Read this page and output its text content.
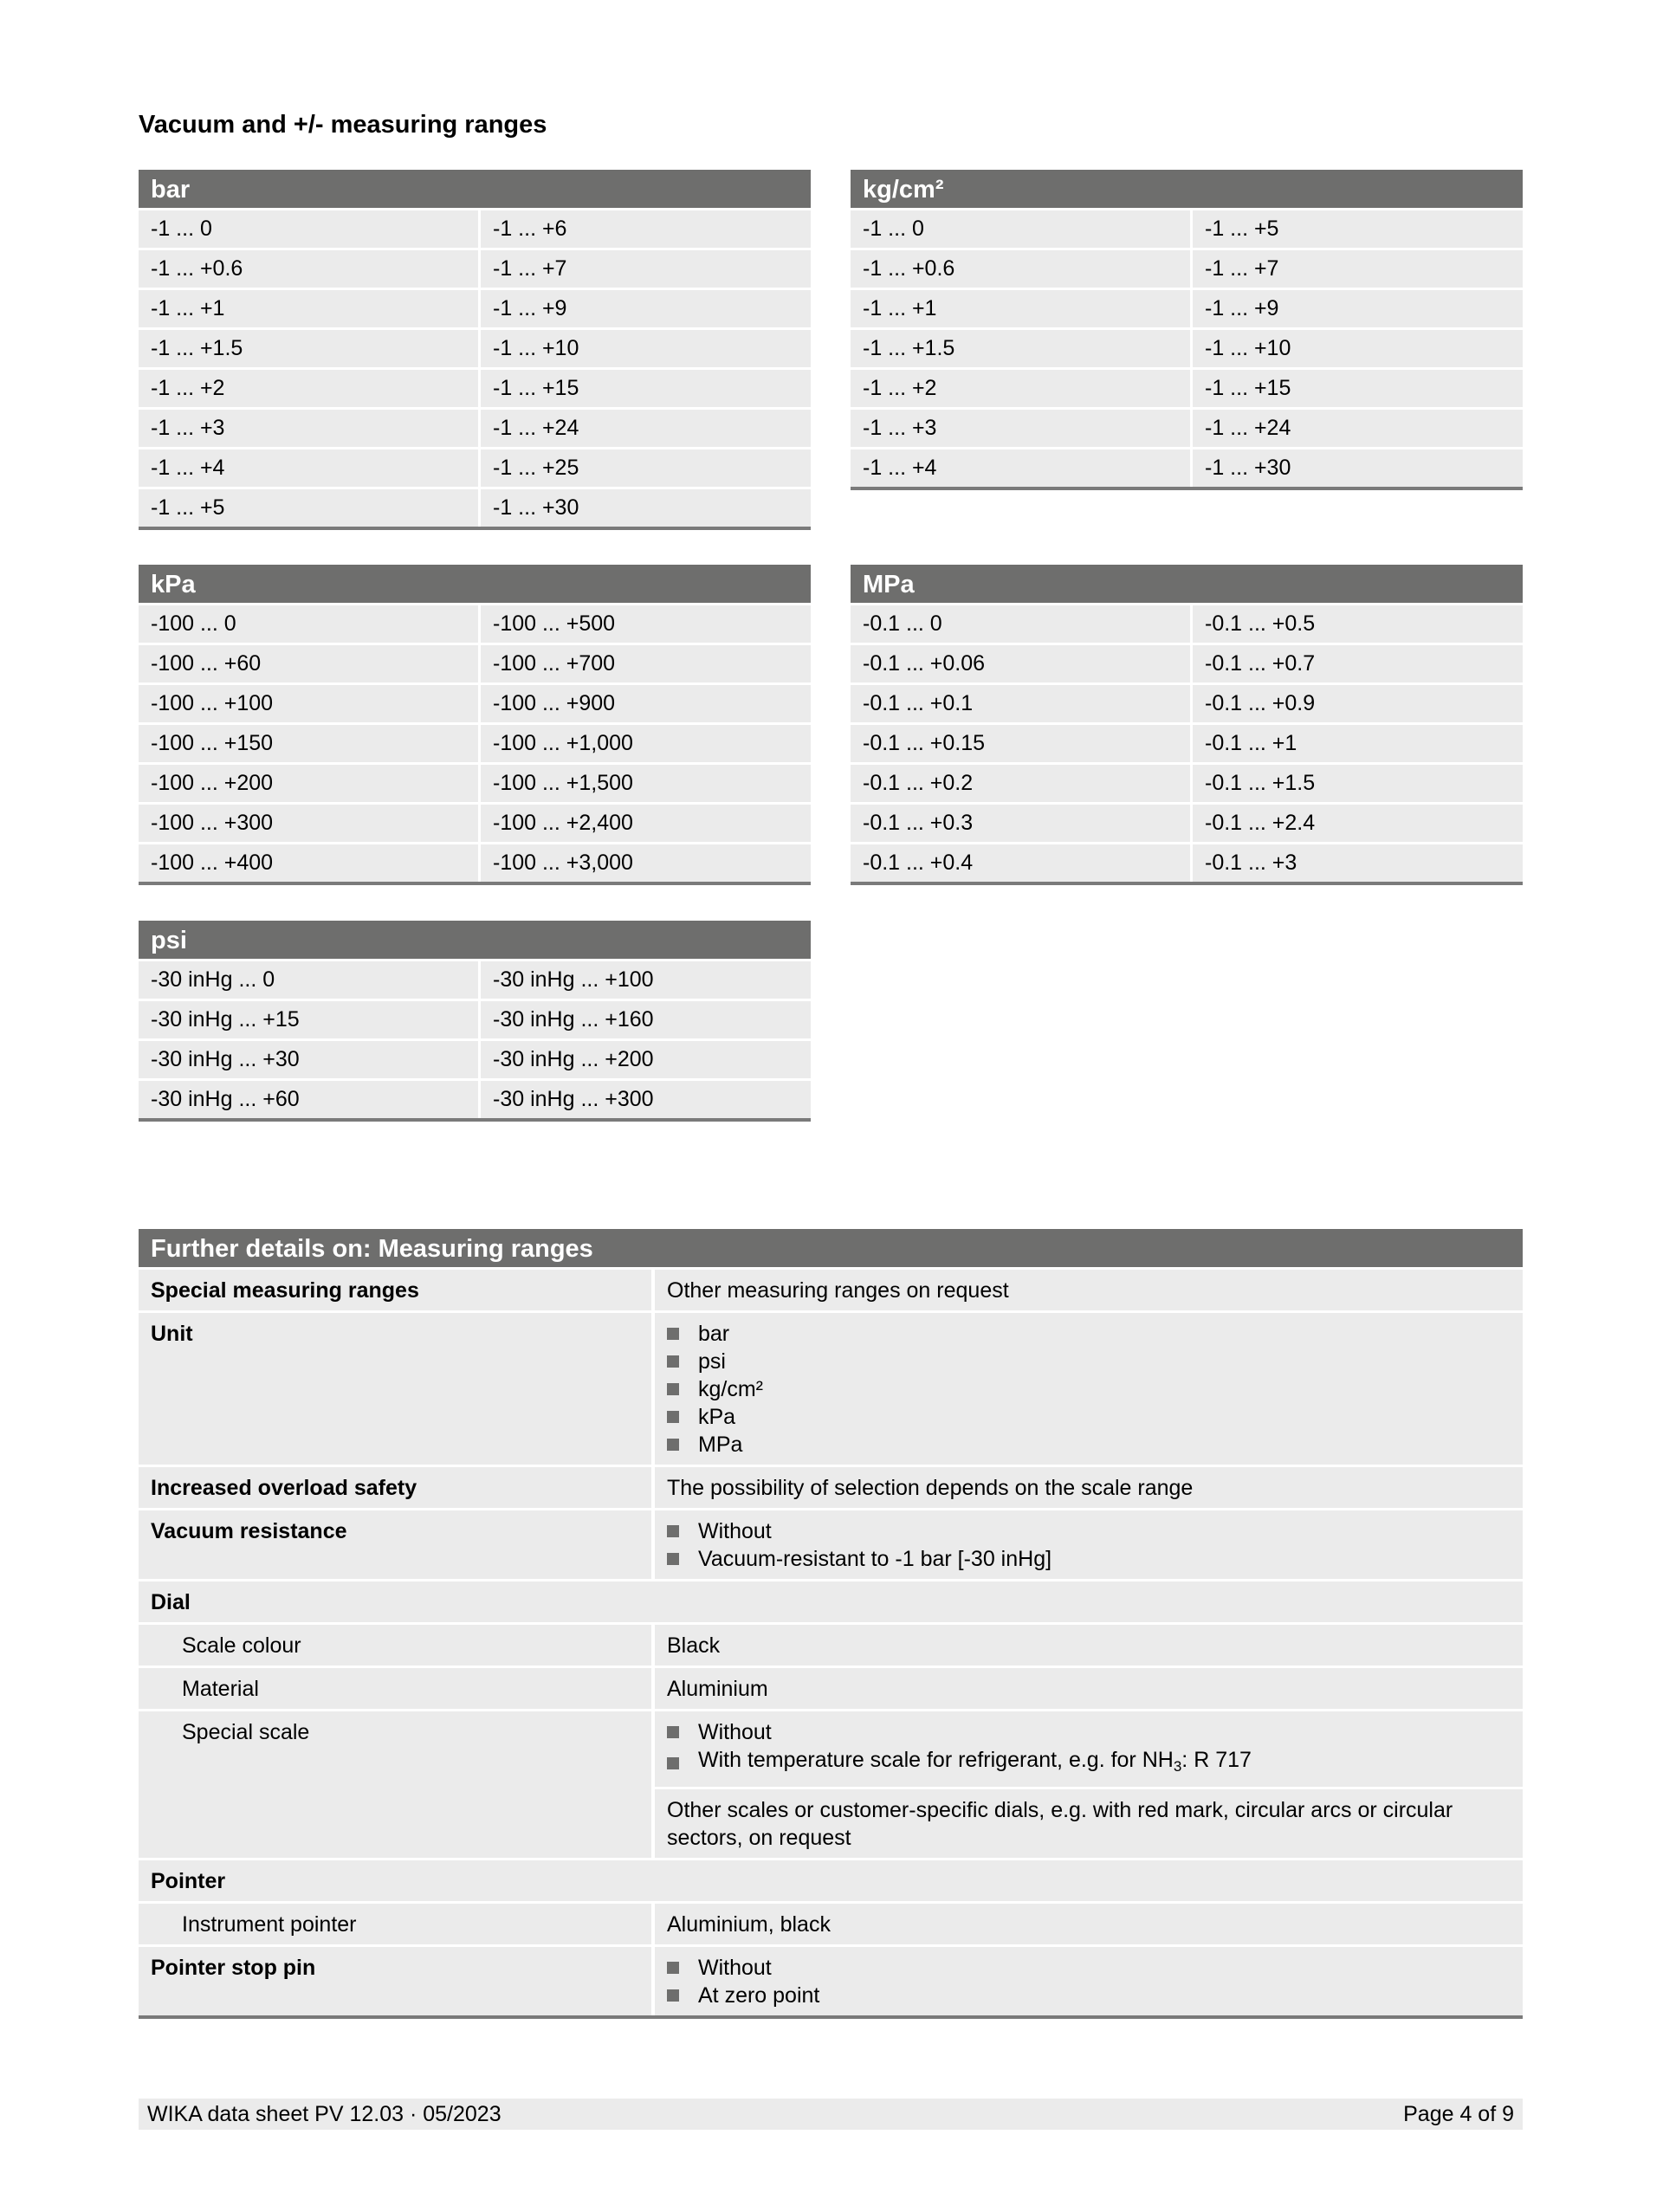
Vacuum and +/- measuring ranges
bar
-1 ... 0	-1 ... +6
-1 ... +0.6	-1 ... +7
-1 ... +1	-1 ... +9
-1 ... +1.5	-1 ... +10
-1 ... +2	-1 ... +15
-1 ... +3	-1 ... +24
-1 ... +4	-1 ... +25
-1 ... +5	-1 ... +30
kg/cm²
-1 ... 0	-1 ... +5
-1 ... +0.6	-1 ... +7
-1 ... +1	-1 ... +9
-1 ... +1.5	-1 ... +10
-1 ... +2	-1 ... +15
-1 ... +3	-1 ... +24
-1 ... +4	-1 ... +30
kPa
-100 ... 0	-100 ... +500
-100 ... +60	-100 ... +700
-100 ... +100	-100 ... +900
-100 ... +150	-100 ... +1,000
-100 ... +200	-100 ... +1,500
-100 ... +300	-100 ... +2,400
-100 ... +400	-100 ... +3,000
MPa
-0.1 ... 0	-0.1 ... +0.5
-0.1 ... +0.06	-0.1 ... +0.7
-0.1 ... +0.1	-0.1 ... +0.9
-0.1 ... +0.15	-0.1 ... +1
-0.1 ... +0.2	-0.1 ... +1.5
-0.1 ... +0.3	-0.1 ... +2.4
-0.1 ... +0.4	-0.1 ... +3
psi
-30 inHg ... 0	-30 inHg ... +100
-30 inHg ... +15	-30 inHg ... +160
-30 inHg ... +30	-30 inHg ... +200
-30 inHg ... +60	-30 inHg ... +300
Further details on: Measuring ranges
Special measuring ranges	Other measuring ranges on request
Unit	bar
psi
kg/cm²
kPa
MPa
Increased overload safety	The possibility of selection depends on the scale range
Vacuum resistance	Without
Vacuum-resistant to -1 bar [-30 inHg]
Dial
Scale colour	Black
Material	Aluminium
Special scale	Without
With temperature scale for refrigerant, e.g. for $NH_3$: R 717
Other scales or customer-specific dials, e.g. with red mark, circular arcs or circular sectors, on request
Pointer
Instrument pointer	Aluminium, black
Pointer stop pin	Without
At zero point
WIKA data sheet PV 12.03 · 05/2023	Page 4 of 9
